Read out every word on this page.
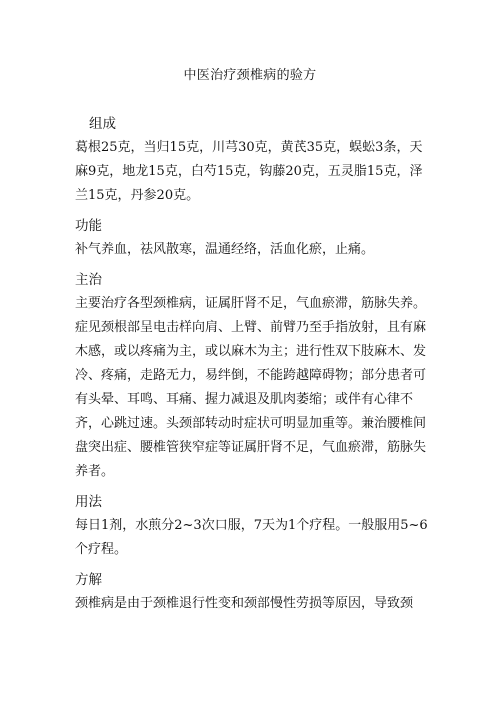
中医治疗颈椎病的验方
组成

葛根25克，当归15克，川芎30克，黄芪35克，蜈蚣3条，天麻9克，地龙15克，白芍15克，钩藤20克，五灵脂15克，泽兰15克，丹参20克。

功能

补气养血，祛风散寒，温通经络，活血化瘀，止痛。

主治

主要治疗各型颈椎病，证属肝肾不足，气血瘀滞，筋脉失养。症见颈根部呈电击样向肩、上臂、前臂乃至手指放射，且有麻木感，或以疼痛为主，或以麻木为主；进行性双下肢麻木、发冷、疼痛，走路无力，易绊倒，不能跨越障碍物；部分患者可有头晕、耳鸣、耳痛、握力减退及肌肉萎缩；或伴有心律不齐，心跳过速。头颈部转动时症状可明显加重等。兼治腰椎间盘突出症、腰椎管狭窄症等证属肝肾不足，气血瘀滞，筋脉失养者。

用法

每日1剂，水煎分2~3次口服，7天为1个疗程。一般服用5~6个疗程。

方解

颈椎病是由于颈椎退行性变和颈部慢性劳损等原因，导致颈
